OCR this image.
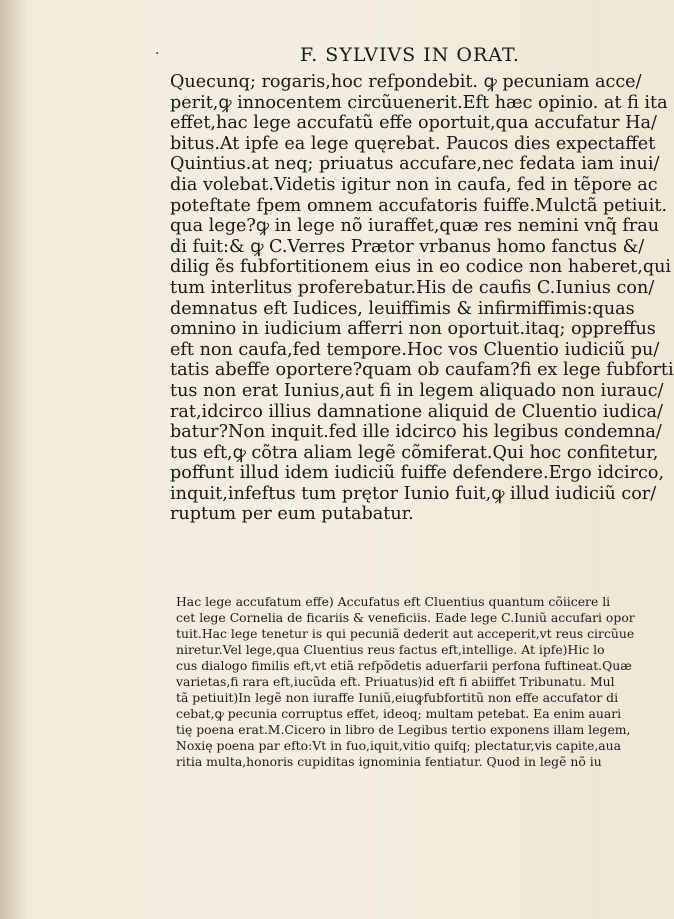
·	F. SYLVIVS IN ORAT.
Quecunq; rogaris,hoc refpondebit. ꝙ pecuniam acce/
perit,ꝙ innocentem circũuenerit.Eft hæc opinio. at fi ita
effet,hac lege accufatũ effe oportuit,qua accufatur Ha/
bitus.At ipfe ea lege quęrebat. Paucos dies expectaffet
Quintius.at neq; priuatus accufare,nec fedata iam inui/
dia volebat.Videtis igitur non in caufa, fed in tẽpore ac
poteftate fpem omnem accufatoris fuiffe.Mulctã petiuit.
qua lege?ꝙ in lege nõ iuraffet,quæ res nemini vnq̃ frau
di fuit:& ꝙ C.Verres Prætor vrbanus homo fanctus &/
dilig ẽs fubfortitionem eius in eo codice non haberet,qui
tum interlitus proferebatur.His de caufis C.Iunius con/
demnatus eft Iudices, leuiffimis & infirmiffimis:quas
omnino in iudicium afferri non oportuit.itaq; oppreffus
eft non caufa,fed tempore.Hoc vos Cluentio iudiciũ pu/
tatis abeffe oportere?quam ob caufam?fi ex lege fubforti
tus non erat Iunius,aut fi in legem aliquado non iurauc/
rat,idcirco illius damnatione aliquid de Cluentio iudica/
batur?Non inquit.fed ille idcirco his legibus condemna/
tus eft,ꝙ cõtra aliam legẽ cõmiferat.Qui hoc confitetur,
poffunt illud idem iudiciũ fuiffe defendere.Ergo idcirco,
inquit,infeftus tum prętor Iunio fuit,ꝙ illud iudiciũ cor/
ruptum per eum putabatur.
Hac lege accufatum effe) Accufatus eft Cluentius quantum cõiicere li
cet lege Cornelia de ficariis & veneficiis. Eade lege C.Iuniũ accufari opor
tuit.Hac lege tenetur is qui pecuniã dederit aut acceperit,vt reus circũue
niretur.Vel lege,qua Cluentius reus factus eft,intellige. At ipfe)Hic lo
cus dialogo fimilis eft,vt etiã refpõdetis aduerfarii perfona fuftineat.Quæ
varietas,fi rara eft,iucũda eft. Priuatus)id eft fi abiiffet Tribunatu. Mul
tã petiuit)In legẽ non iuraffe Iuniũ,eiuꝙfubfortitũ non effe accufator di
cebat,ꝙ pecunia corruptus effet, ideoq; multam petebat. Ea enim auari
tię poena erat.M.Cicero in libro de Legibus tertio exponens illam legem,
Noxię poena par efto:Vt in fuo,iquit,vitio quifq; plectatur,vis capite,aua
ritia multa,honoris cupiditas ignominia fentiatur. Quod in legẽ nõ iu
